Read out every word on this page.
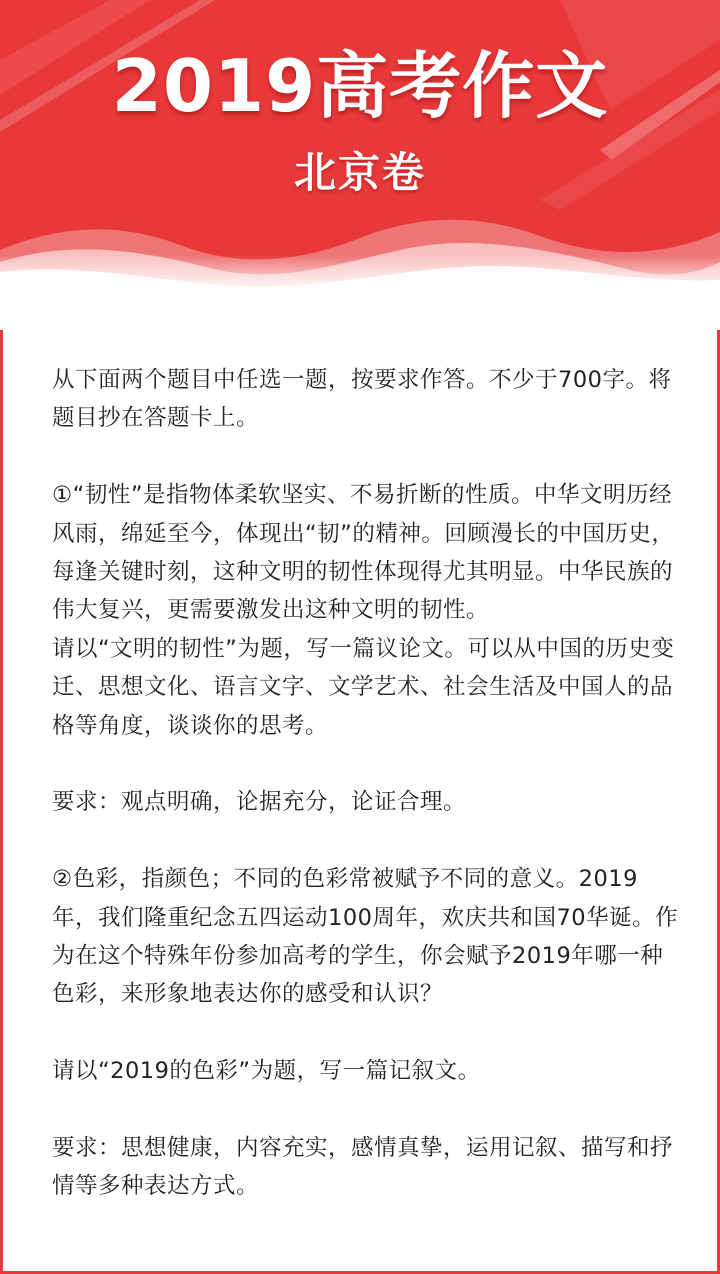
2019高考作文
北京卷

从下面两个题目中任选一题，按要求作答。不少于700字。将题目抄在答题卡上。

①“韧性”是指物体柔软坚实、不易折断的性质。中华文明历经风雨，绵延至今，体现出“韧”的精神。回顾漫长的中国历史，每逢关键时刻，这种文明的韧性体现得尤其明显。中华民族的伟大复兴，更需要激发出这种文明的韧性。

请以“文明的韧性”为题，写一篇议论文。可以从中国的历史变迁、思想文化、语言文字、文学艺术、社会生活及中国人的品格等角度，谈谈你的思考。

要求：观点明确，论据充分，论证合理。

②色彩，指颜色；不同的色彩常被赋予不同的意义。2019年，我们隆重纪念五四运动100周年，欢庆共和国70华诞。作为在这个特殊年份参加高考的学生，你会赋予2019年哪一种色彩，来形象地表达你的感受和认识？

请以“2019的色彩”为题，写一篇记叙文。

要求：思想健康，内容充实，感情真挚，运用记叙、描写和抒情等多种表达方式。
